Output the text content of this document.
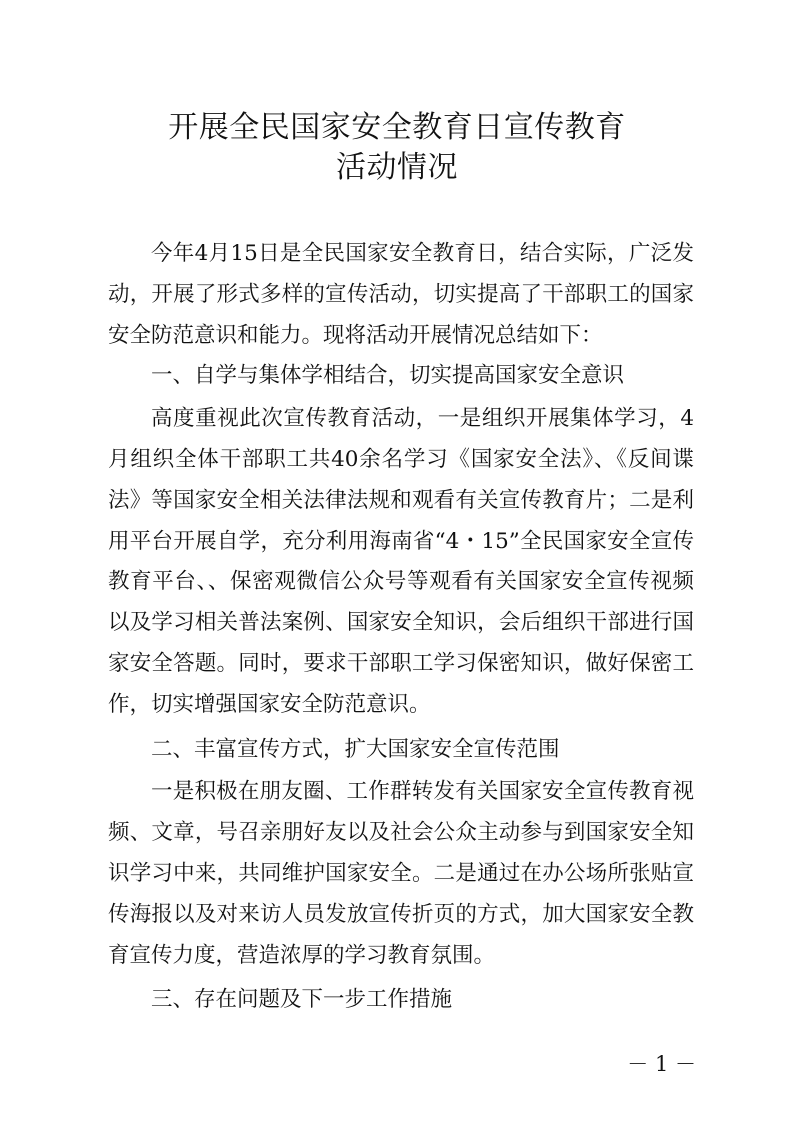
开展全民国家安全教育日宣传教育
活动情况

今年4月15日是全民国家安全教育日，结合实际，广泛发动，开展了形式多样的宣传活动，切实提高了干部职工的国家安全防范意识和能力。现将活动开展情况总结如下：

一、自学与集体学相结合，切实提高国家安全意识

高度重视此次宣传教育活动，一是组织开展集体学习，4月组织全体干部职工共40余名学习《国家安全法》、《反间谍法》等国家安全相关法律法规和观看有关宣传教育片；二是利用平台开展自学，充分利用海南省“4・15”全民国家安全宣传教育平台、、保密观微信公众号等观看有关国家安全宣传视频以及学习相关普法案例、国家安全知识，会后组织干部进行国家安全答题。同时，要求干部职工学习保密知识，做好保密工作，切实增强国家安全防范意识。

二、丰富宣传方式，扩大国家安全宣传范围

一是积极在朋友圈、工作群转发有关国家安全宣传教育视频、文章，号召亲朋好友以及社会公众主动参与到国家安全知识学习中来，共同维护国家安全。二是通过在办公场所张贴宣传海报以及对来访人员发放宣传折页的方式，加大国家安全教育宣传力度，营造浓厚的学习教育氛围。

三、存在问题及下一步工作措施

－ 1 －
